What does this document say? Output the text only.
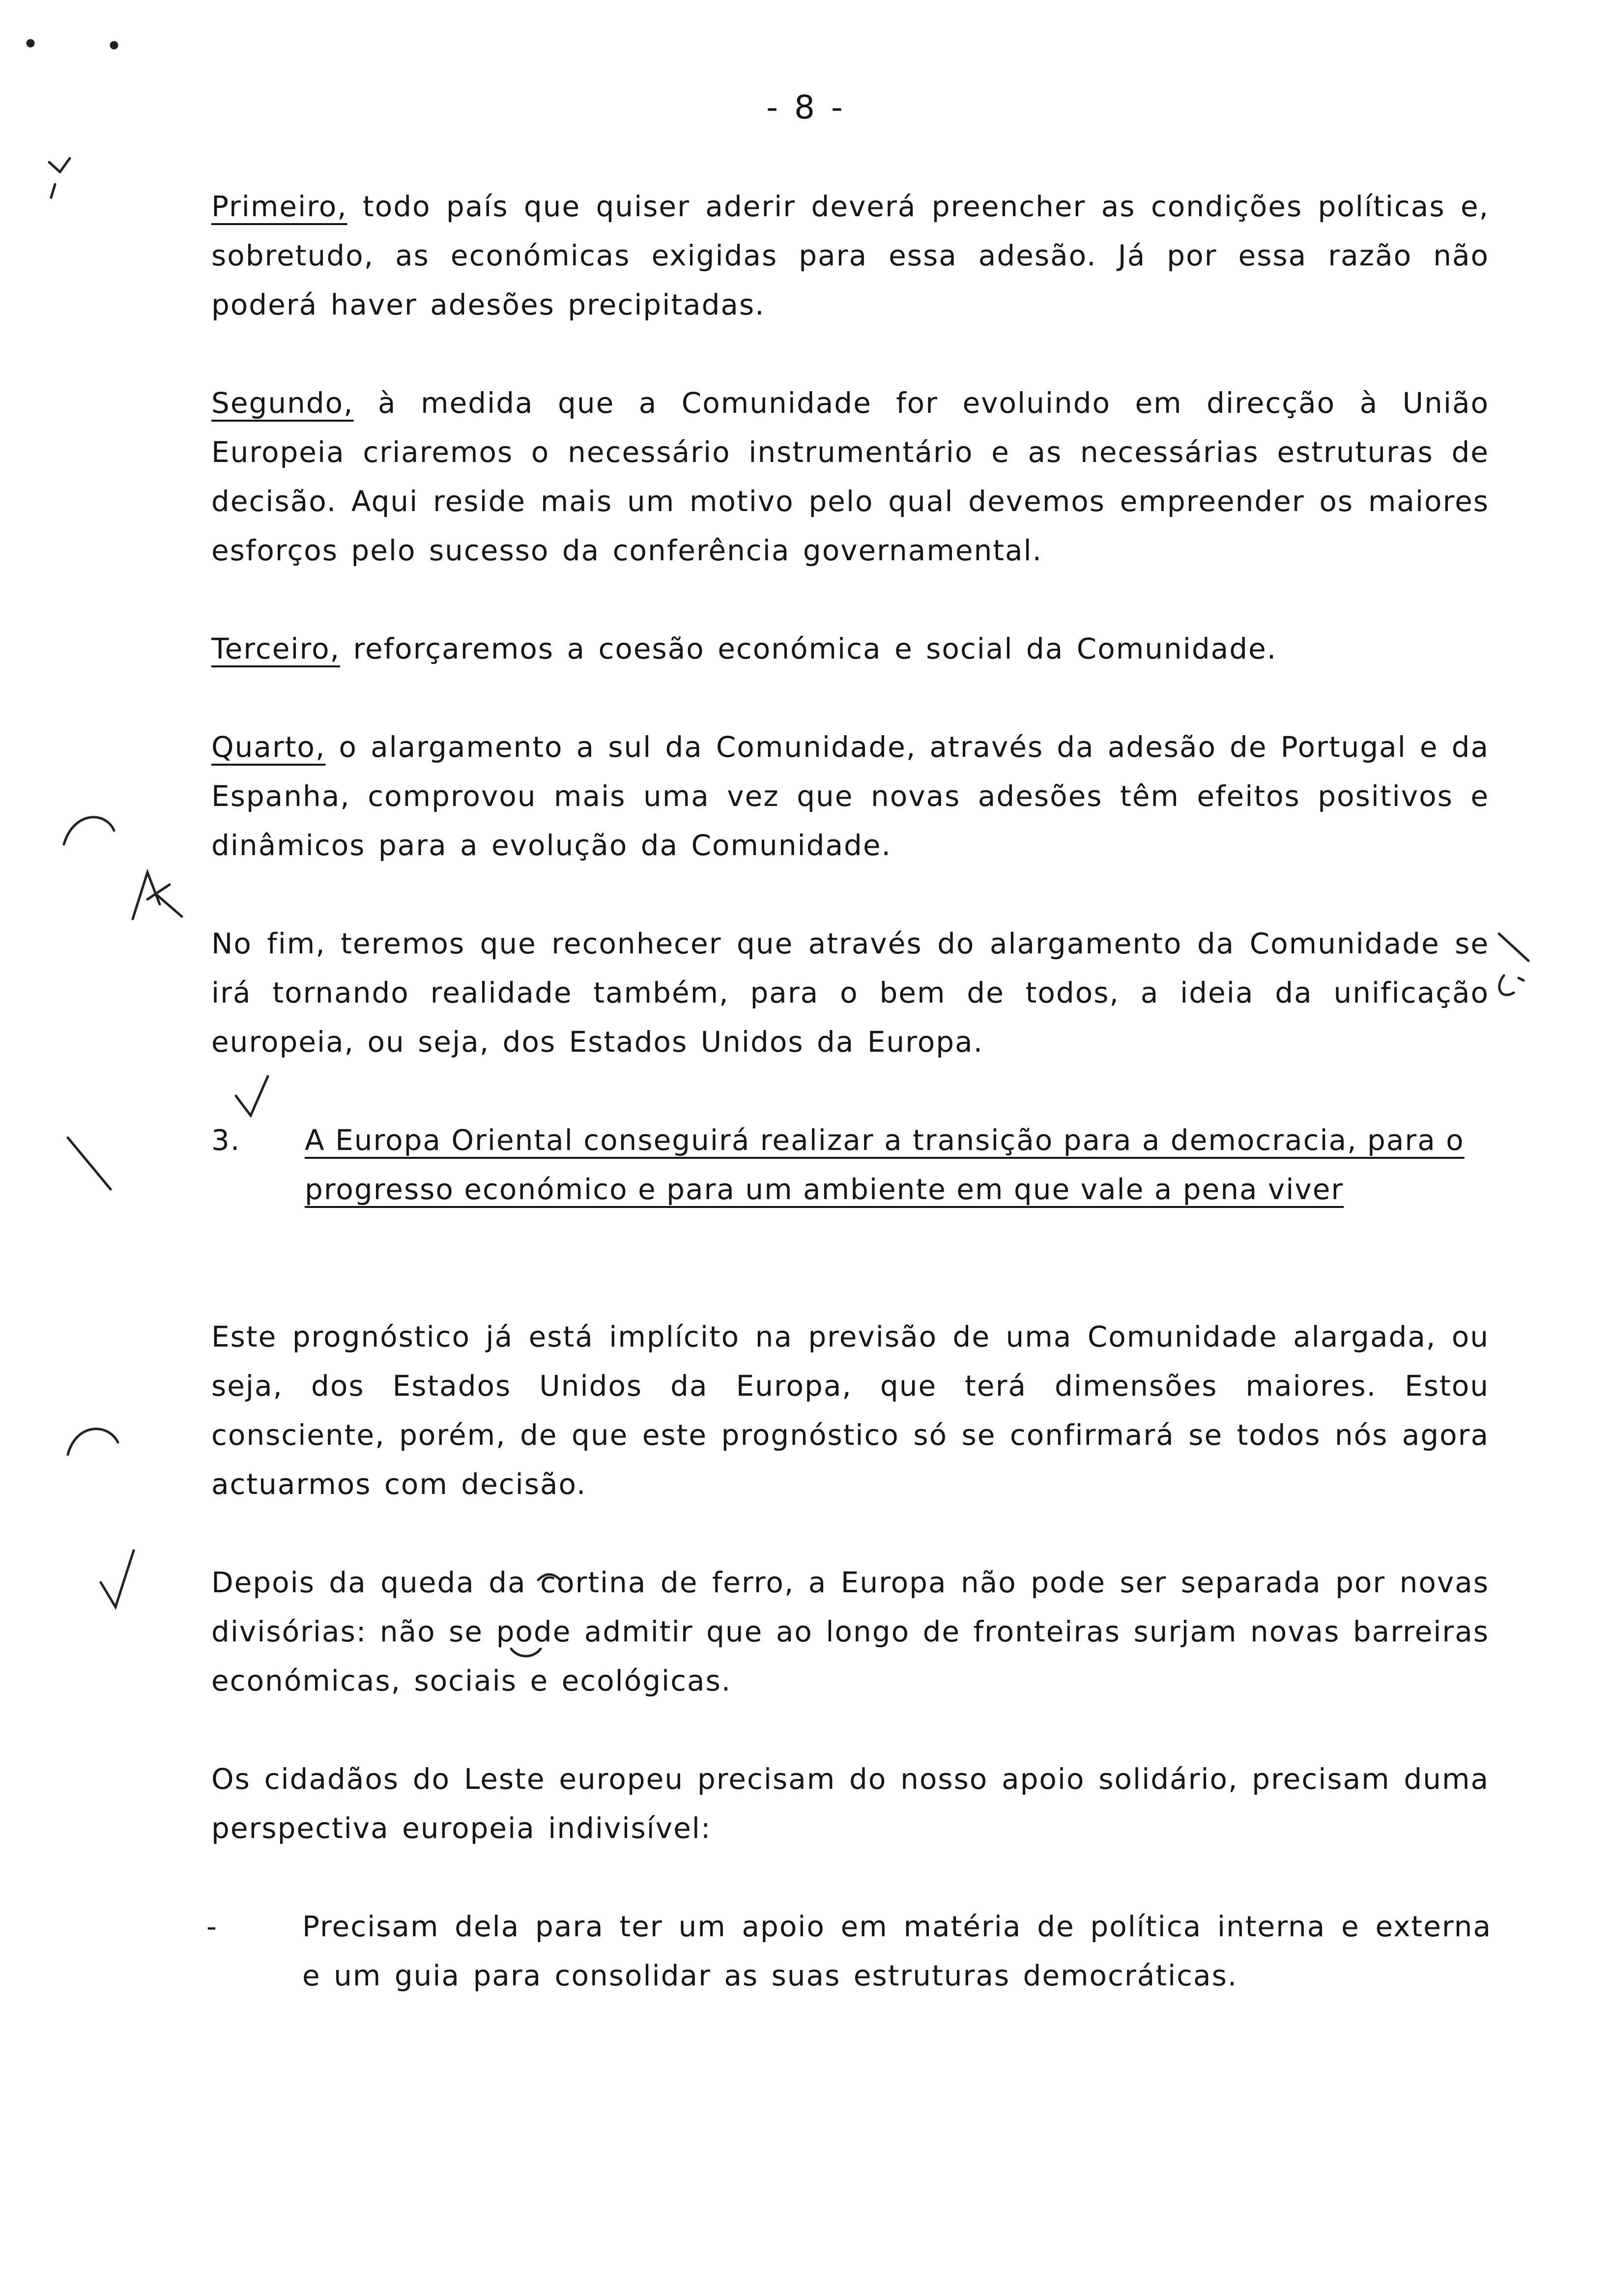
- 8 -

Primeiro, todo país que quiser aderir deverá preencher as condições políticas e, sobretudo, as económicas exigidas para essa adesão. Já por essa razão não poderá haver adesões precipitadas.

Segundo, à medida que a Comunidade for evoluindo em direcção à União Europeia criaremos o necessário instrumentário e as necessárias estruturas de decisão. Aqui reside mais um motivo pelo qual devemos empreender os maiores esforços pelo sucesso da conferência governamental.

Terceiro, reforçaremos a coesão económica e social da Comunidade.

Quarto, o alargamento a sul da Comunidade, através da adesão de Portugal e da Espanha, comprovou mais uma vez que novas adesões têm efeitos positivos e dinâmicos para a evolução da Comunidade.

No fim, teremos que reconhecer que através do alargamento da Comunidade se irá tornando realidade também, para o bem de todos, a ideia da unificação europeia, ou seja, dos Estados Unidos da Europa.

3. A Europa Oriental conseguirá realizar a transição para a democracia, para o progresso económico e para um ambiente em que vale a pena viver

Este prognóstico já está implícito na previsão de uma Comunidade alargada, ou seja, dos Estados Unidos da Europa, que terá dimensões maiores. Estou consciente, porém, de que este prognóstico só se confirmará se todos nós agora actuarmos com decisão.

Depois da queda da cortina de ferro, a Europa não pode ser separada por novas divisórias: não se pode admitir que ao longo de fronteiras surjam novas barreiras económicas, sociais e ecológicas.

Os cidadãos do Leste europeu precisam do nosso apoio solidário, precisam duma perspectiva europeia indivisível:

-	Precisam dela para ter um apoio em matéria de política interna e externa e um guia para consolidar as suas estruturas democráticas.
